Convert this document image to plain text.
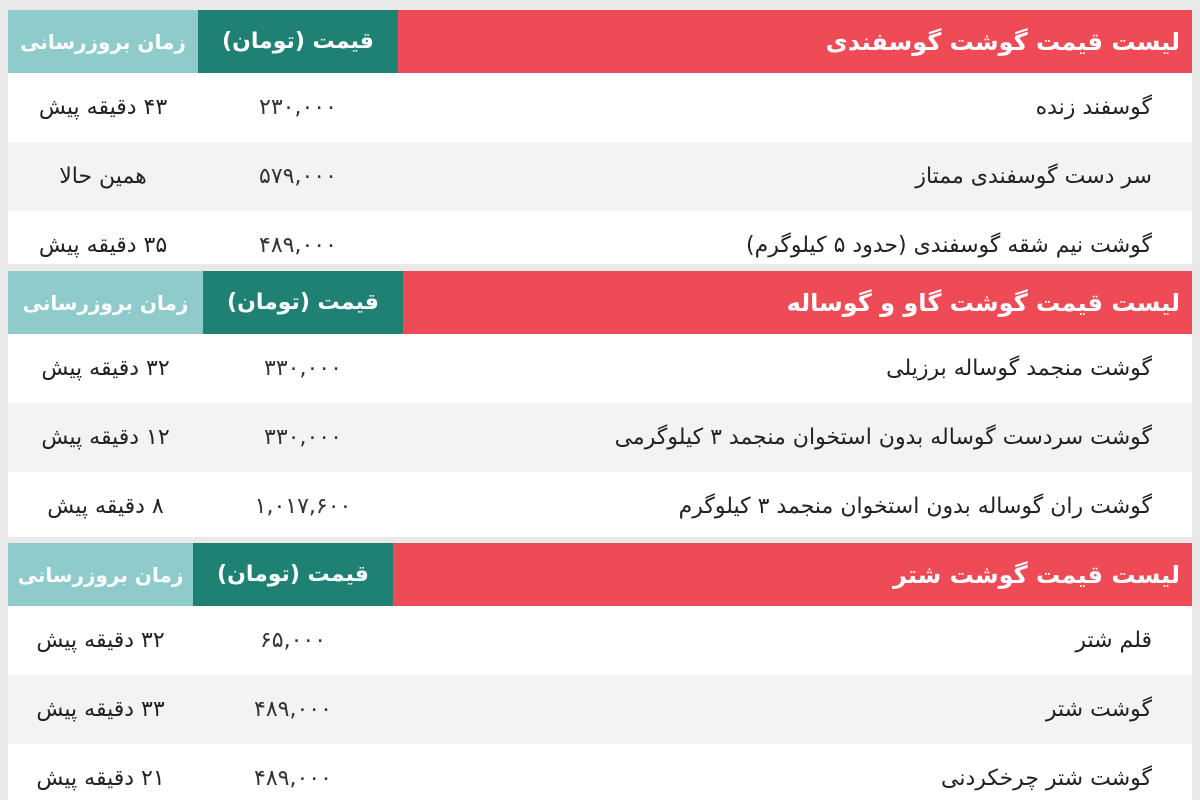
لیست قیمت گوشت گوسفندی
قیمت (تومان)
زمان بروزرسانی
گوسفند زنده
۲۳۰,۰۰۰
۴۳ دقیقه پیش
سر دست گوسفندی ممتاز
۵۷۹,۰۰۰
همین حالا
گوشت نیم شقه گوسفندی (حدود ۵ کیلوگرم)
۴۸۹,۰۰۰
۳۵ دقیقه پیش
لیست قیمت گوشت گاو و گوساله
قیمت (تومان)
زمان بروزرسانی
گوشت منجمد گوساله برزیلی
۳۳۰,۰۰۰
۳۲ دقیقه پیش
گوشت سردست گوساله بدون استخوان منجمد ۳ کیلوگرمی
۳۳۰,۰۰۰
۱۲ دقیقه پیش
گوشت ران گوساله بدون استخوان منجمد ۳ کیلوگرم
۱,۰۱۷,۶۰۰
۸ دقیقه پیش
لیست قیمت گوشت شتر
قیمت (تومان)
زمان بروزرسانی
قلم شتر
۶۵,۰۰۰
۳۲ دقیقه پیش
گوشت شتر
۴۸۹,۰۰۰
۳۳ دقیقه پیش
گوشت شتر چرخکردنی
۴۸۹,۰۰۰
۲۱ دقیقه پیش
